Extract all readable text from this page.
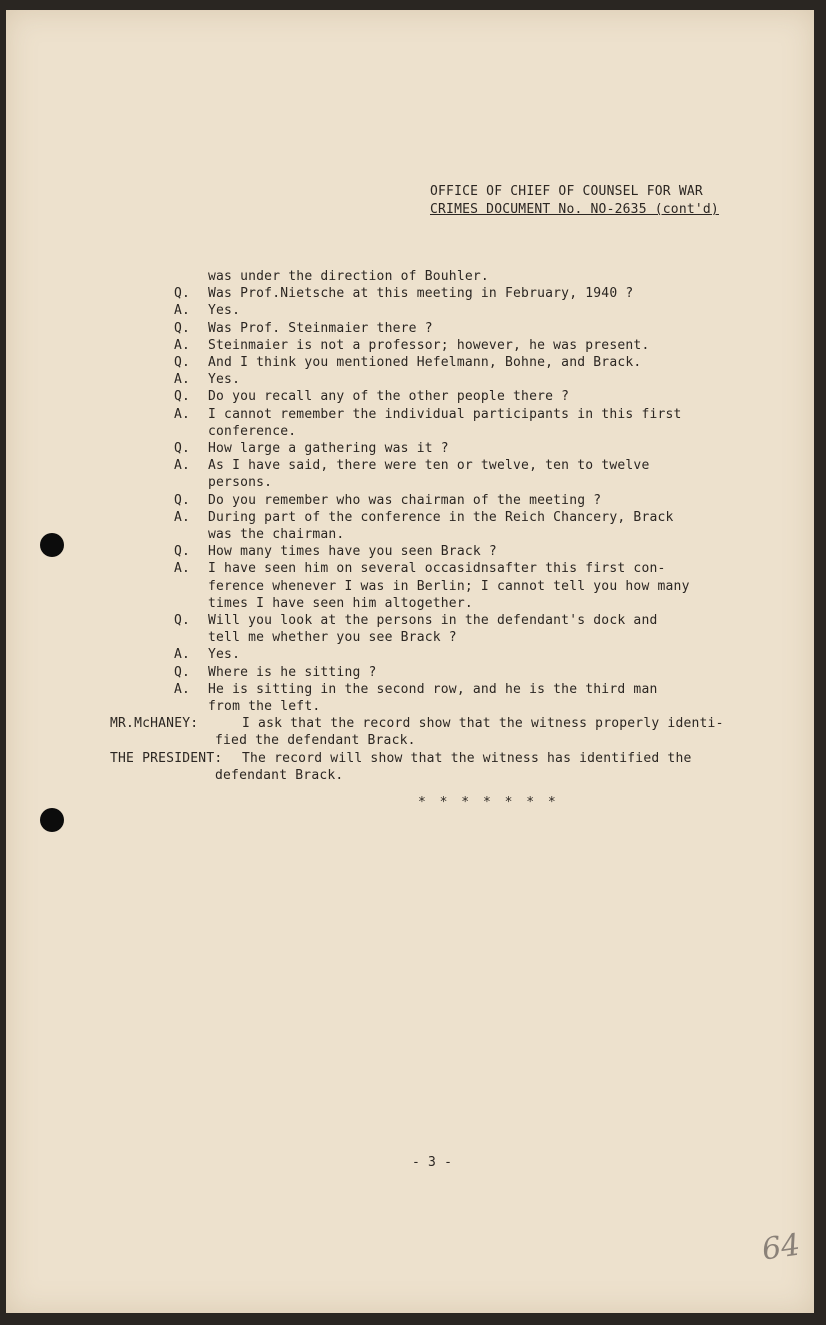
OFFICE OF CHIEF OF COUNSEL FOR WAR
CRIMES DOCUMENT No. NO-2635 (cont'd)
was under the direction of Bouhler.
Q. Was Prof.Nietsche at this meeting in February, 1940 ?
A. Yes.
Q. Was Prof. Steinmaier there ?
A. Steinmaier is not a professor; however, he was present.
Q. And I think you mentioned Hefelmann, Bohne, and Brack.
A. Yes.
Q. Do you recall any of the other people there ?
A. I cannot remember the individual participants in this first
conference.
Q. How large a gathering was it ?
A. As I have said, there were ten or twelve, ten to twelve
persons.
Q. Do you remember who was chairman of the meeting ?
A. During part of the conference in the Reich Chancery, Brack
was the chairman.
Q. How many times have you seen Brack ?
A. I have seen him on several occasidnsafter this first con-
ference whenever I was in Berlin; I cannot tell you how many
times I have seen him altogether.
Q. Will you look at the persons in the defendant's dock and
tell me whether you see Brack ?
A. Yes.
Q. Where is he sitting ?
A. He is sitting in the second row, and he is the third man
from the left.
MR.McHANEY:	I ask that the record show that the witness properly identi-
fied the defendant Brack.
THE PRESIDENT: The record will show that the witness has identified the
defendant Brack.
* * * * * * *
- 3 -
64
